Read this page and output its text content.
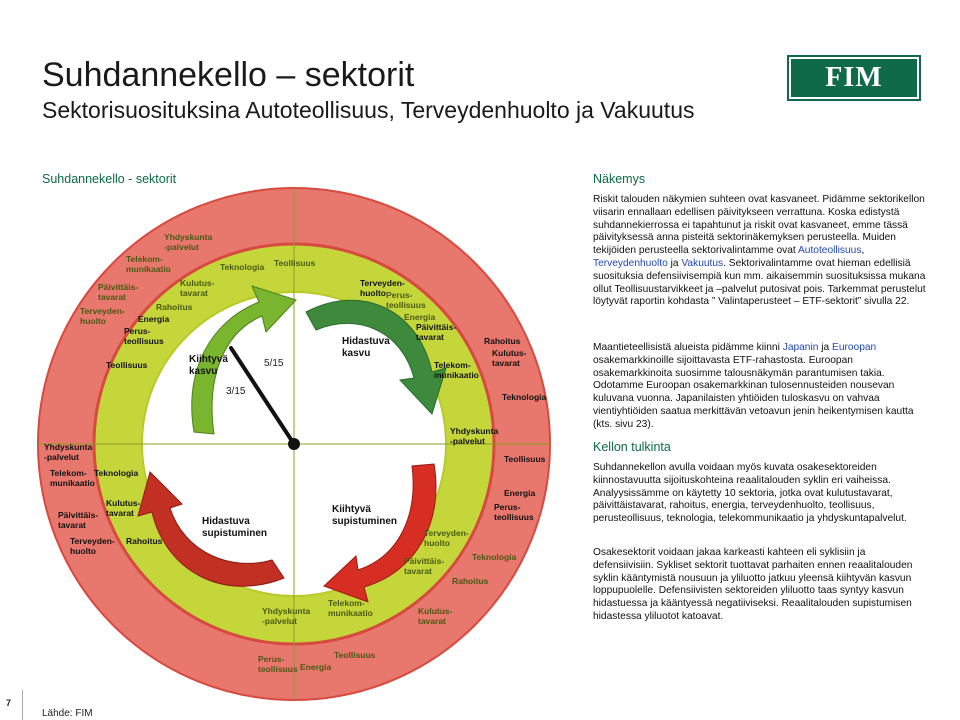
Suhdannekello – sektorit
Sektorisuosituksina Autoteollisuus, Terveydenhuolto ja Vakuutus
FIM
Suhdannekello - sektorit
Kiihtyvä kasvu
Hidastuva kasvu
Kiihtyvä supistuminen
Hidastuva supistuminen
3/15
5/15
Yhdyskunta -palvelut
Telekom-munikaatio
Päivittäis-tavarat
Terveyden-huolto
Kulutus-tavarat
Rahoitus
Energia
Perus-teollisuus
Teollisuus
Teknologia Teollisuus
Terveyden-huolto Perus-teollisuus
Energia
Päivittäis-tavarat	Rahoitus
Kulutus-tavarat
Telekom-munikaatio
Teknologia
Yhdyskunta -palvelut
Telekom-munikaatio
Teknologia
Kulutus-tavarat
Päivittäis-tavarat
Terveyden-huolto
Rahoitus
Yhdyskunta -palvelut
Teollisuus
Energia
Perus-teollisuus
Terveyden-huolto
Teknologia
Päivittäis-tavarat
Rahoitus
Kulutus-tavarat
Yhdyskunta -palvelut
Telekom-munikaatio
Perus-teollisuus Energia
Teollisuus
Näkemys
Riskit talouden näkymien suhteen ovat kasvaneet. Pidämme sektorikellon viisarin ennallaan edellisen päivitykseen verrattuna. Koska edistystä suhdannekierrossa ei tapahtunut ja riskit ovat kasvaneet, emme tässä päivityksessä anna pisteitä sektorinäkemyksen perusteella. Muiden tekijöiden perusteella sektorivalintamme ovat Autoteollisuus, Terveydenhuolto ja Vakuutus. Sektorivalintamme ovat hieman edellisiä suosituksia defensiivisempiä kun mm. aikaisemmin suosituksissa mukana ollut Teollisuustarvikkeet ja –palvelut putosivat pois. Tarkemmat perustelut löytyvät raportin kohdasta ” Valintaperusteet – ETF-sektorit” sivulla 22.
Maantieteellisistä alueista pidämme kiinni Japanin ja Euroopan osakemarkkinoille sijoittavasta ETF-rahastosta. Euroopan osakemarkkinoita suosimme talousnäkymän parantumisen takia. Odotamme Euroopan osakemarkkinan tulosennusteiden nousevan kuluvana vuonna. Japanilaisten yhtiöiden tuloskasvu on vahvaa vientiyhtiöiden saatua merkittävän vetoavun jenin heikentymisen kautta (kts. sivu 23).
Kellon tulkinta
Suhdannekellon avulla voidaan myös kuvata osakesektoreiden kiinnostavuutta sijoituskohteina reaalitalouden syklin eri vaiheissa. Analyysissämme on käytetty 10 sektoria, jotka ovat kulutustavarat, päivittäistavarat, rahoitus, energia, terveydenhuolto, teollisuus, perusteollisuus, teknologia, telekommunikaatio ja yhdyskuntapalvelut.
Osakesektorit voidaan jakaa karkeasti kahteen eli syklisiin ja defensiivisiin. Sykliset sektorit tuottavat parhaiten ennen reaalitalouden syklin kääntymistä nousuun ja yliluotto jatkuu yleensä kiihtyvän kasvun loppupuolelle. Defensiivisten sektoreiden yliluotto taas syntyy kasvun hidastuessa ja kääntyessä negatiiviseksi. Reaalitalouden supistumisen hidastessa yliluotot katoavat.
7
Lähde: FIM
